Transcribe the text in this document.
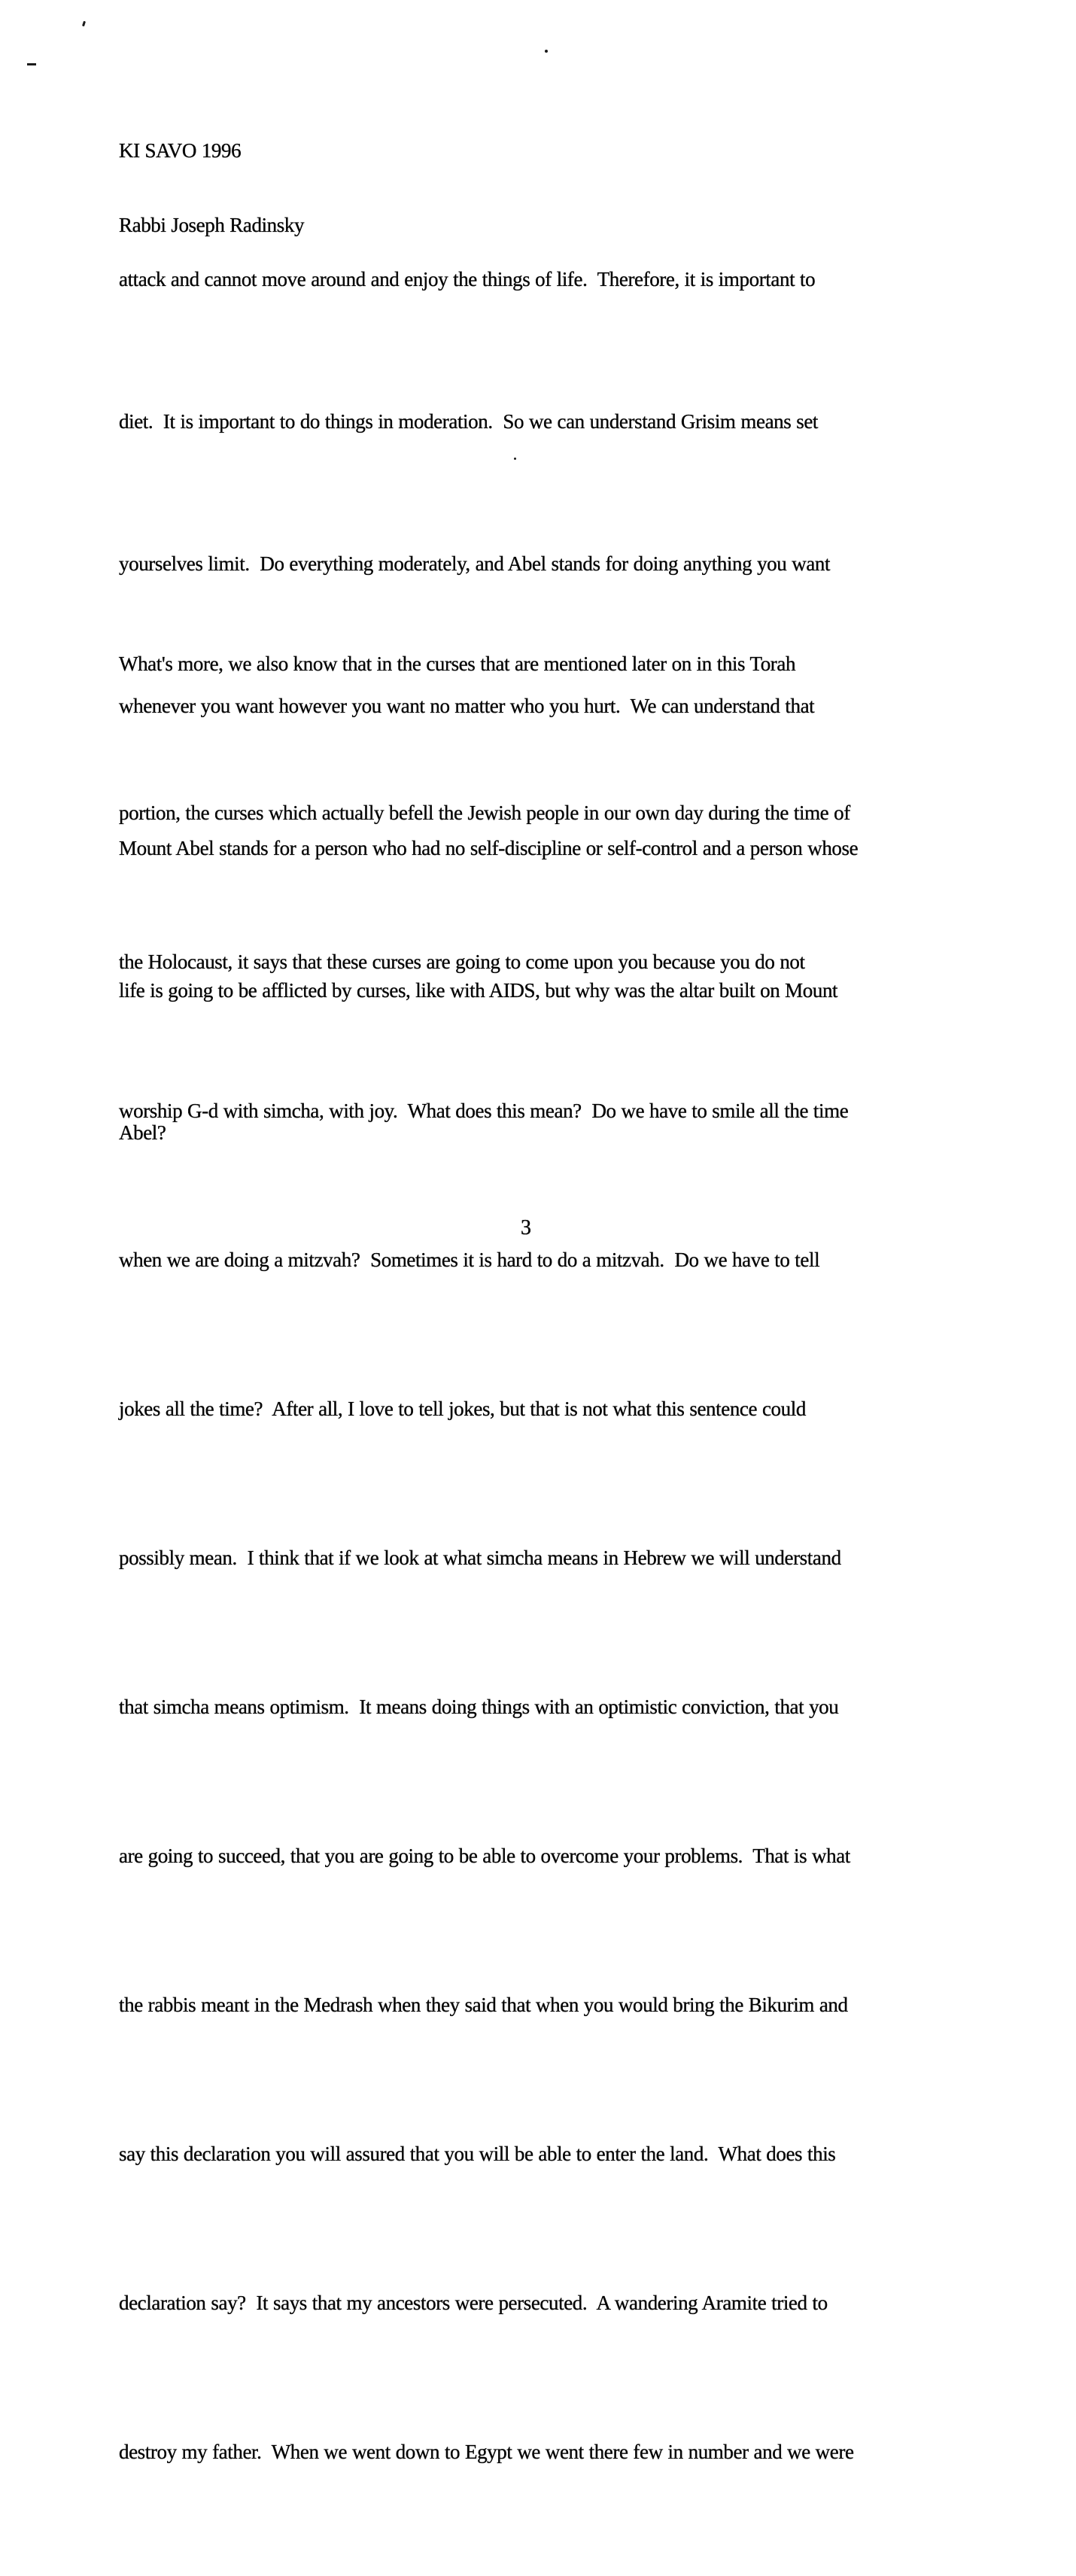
KI SAVO 1996

Rabbi Joseph Radinsky

attack and cannot move around and enjoy the things of life.  Therefore, it is important to

diet.  It is important to do things in moderation.  So we can understand Grisim means set

yourselves limit.  Do everything moderately, and Abel stands for doing anything you want

whenever you want however you want no matter who you hurt.  We can understand that

Mount Abel stands for a person who had no self-discipline or self-control and a person whose

life is going to be afflicted by curses, like with AIDS, but why was the altar built on Mount

Abel?

What's more, we also know that in the curses that are mentioned later on in this Torah

portion, the curses which actually befell the Jewish people in our own day during the time of

the Holocaust, it says that these curses are going to come upon you because you do not

worship G-d with simcha, with joy.  What does this mean?  Do we have to smile all the time

when we are doing a mitzvah?  Sometimes it is hard to do a mitzvah.  Do we have to tell

jokes all the time?  After all, I love to tell jokes, but that is not what this sentence could

possibly mean.  I think that if we look at what simcha means in Hebrew we will understand

that simcha means optimism.  It means doing things with an optimistic conviction, that you

are going to succeed, that you are going to be able to overcome your problems.  That is what

the rabbis meant in the Medrash when they said that when you would bring the Bikurim and

say this declaration you will assured that you will be able to enter the land.  What does this

declaration say?  It says that my ancestors were persecuted.  A wandering Aramite tried to

destroy my father.  When we went down to Egypt we went there few in number and we were

3
